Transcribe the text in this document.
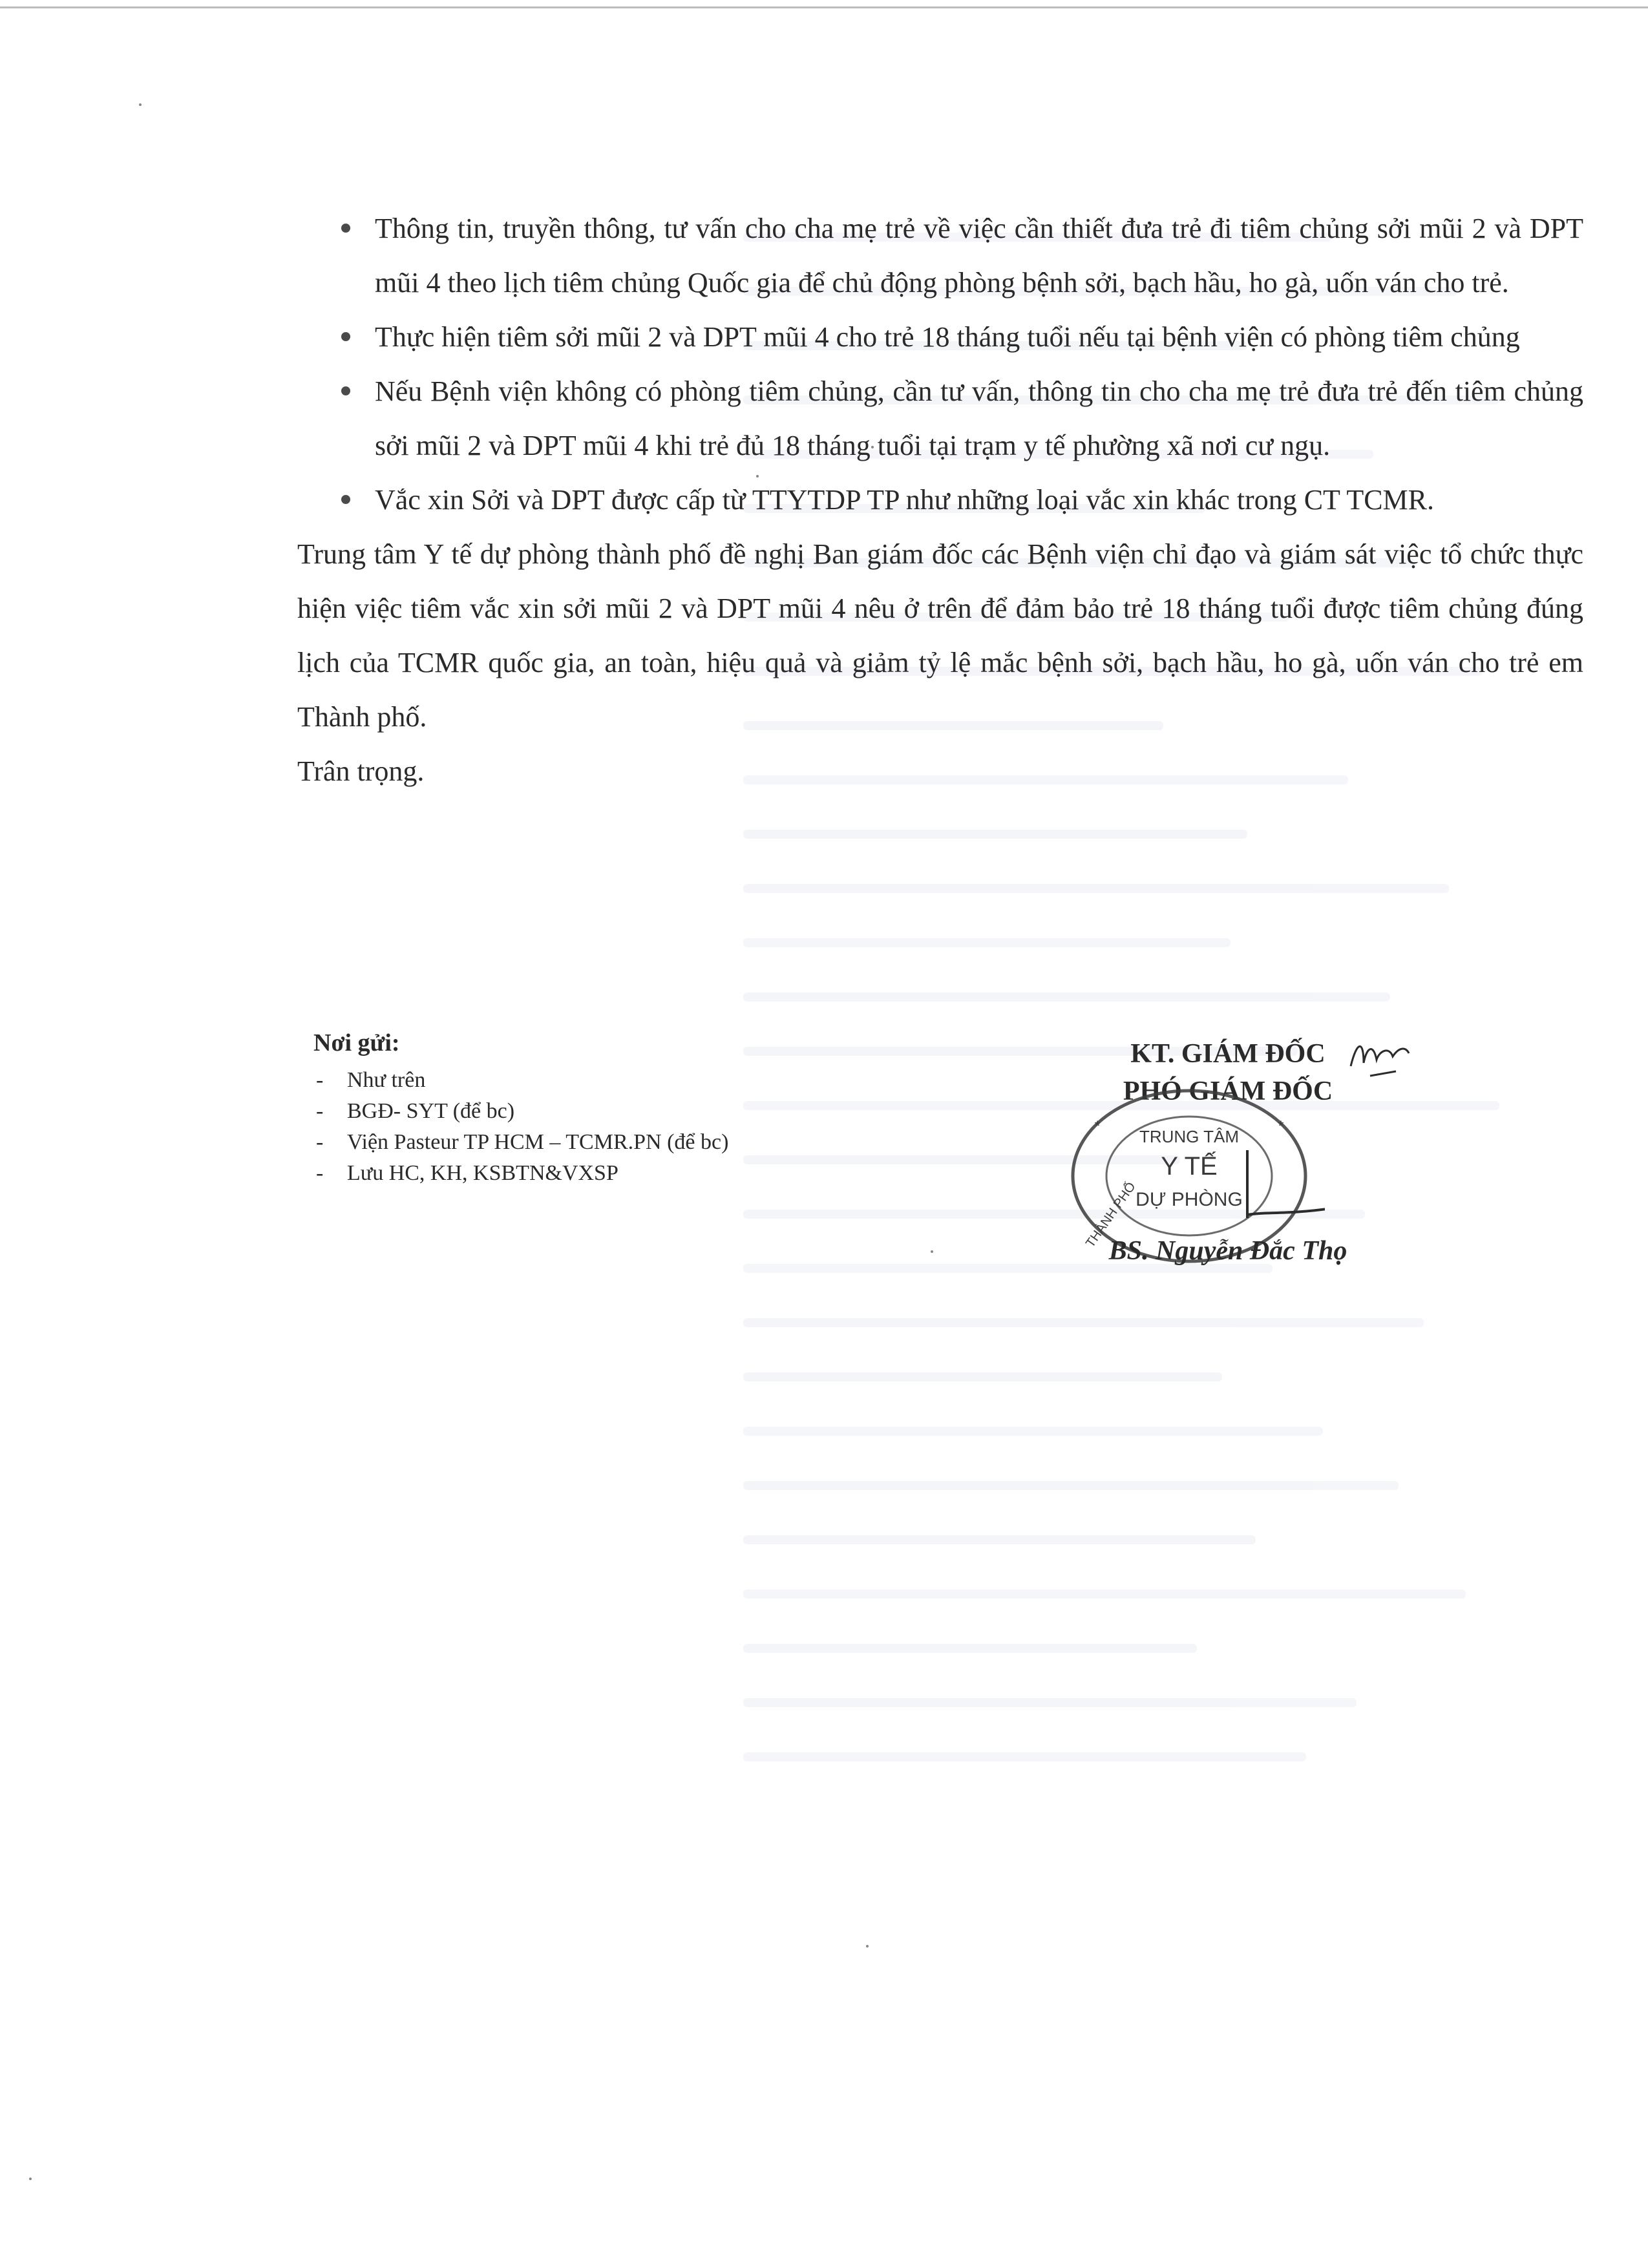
Thông tin, truyền thông, tư vấn cho cha mẹ trẻ về việc cần thiết đưa trẻ đi tiêm chủng sởi mũi 2 và DPT mũi 4 theo lịch tiêm chủng Quốc gia để chủ động phòng bệnh sởi, bạch hầu, ho gà, uốn ván cho trẻ.
Thực hiện tiêm sởi mũi 2 và DPT mũi 4 cho trẻ 18 tháng tuổi nếu tại bệnh viện có phòng tiêm chủng
Nếu Bệnh viện không có phòng tiêm chủng, cần tư vấn, thông tin cho cha mẹ trẻ đưa trẻ đến tiêm chủng sởi mũi 2 và DPT mũi 4 khi trẻ đủ 18 tháng tuổi tại trạm y tế phường xã nơi cư ngụ.
Vắc xin Sởi và DPT được cấp từ TTYTDP TP như những loại vắc xin khác trong CT TCMR.

Trung tâm Y tế dự phòng thành phố đề nghị Ban giám đốc các Bệnh viện chỉ đạo và giám sát việc tổ chức thực hiện việc tiêm vắc xin sởi mũi 2 và DPT mũi 4 nêu ở trên để đảm bảo trẻ 18 tháng tuổi được tiêm chủng đúng lịch của TCMR quốc gia, an toàn, hiệu quả và giảm tỷ lệ mắc bệnh sởi, bạch hầu, ho gà, uốn ván cho trẻ em Thành phố.

Trân trọng.

Nơi gửi:
- Như trên
- BGĐ- SYT (để bc)
- Viện Pasteur TP HCM – TCMR.PN (để bc)
- Lưu HC, KH, KSBTN&VXSP
KT. GIÁM ĐỐC
PHÓ GIÁM ĐỐC
TRUNG TÂM
Y TẾ
DỰ PHÒNG
THÀNH PHỐ
*
*
BS. Nguyễn Đắc Thọ
